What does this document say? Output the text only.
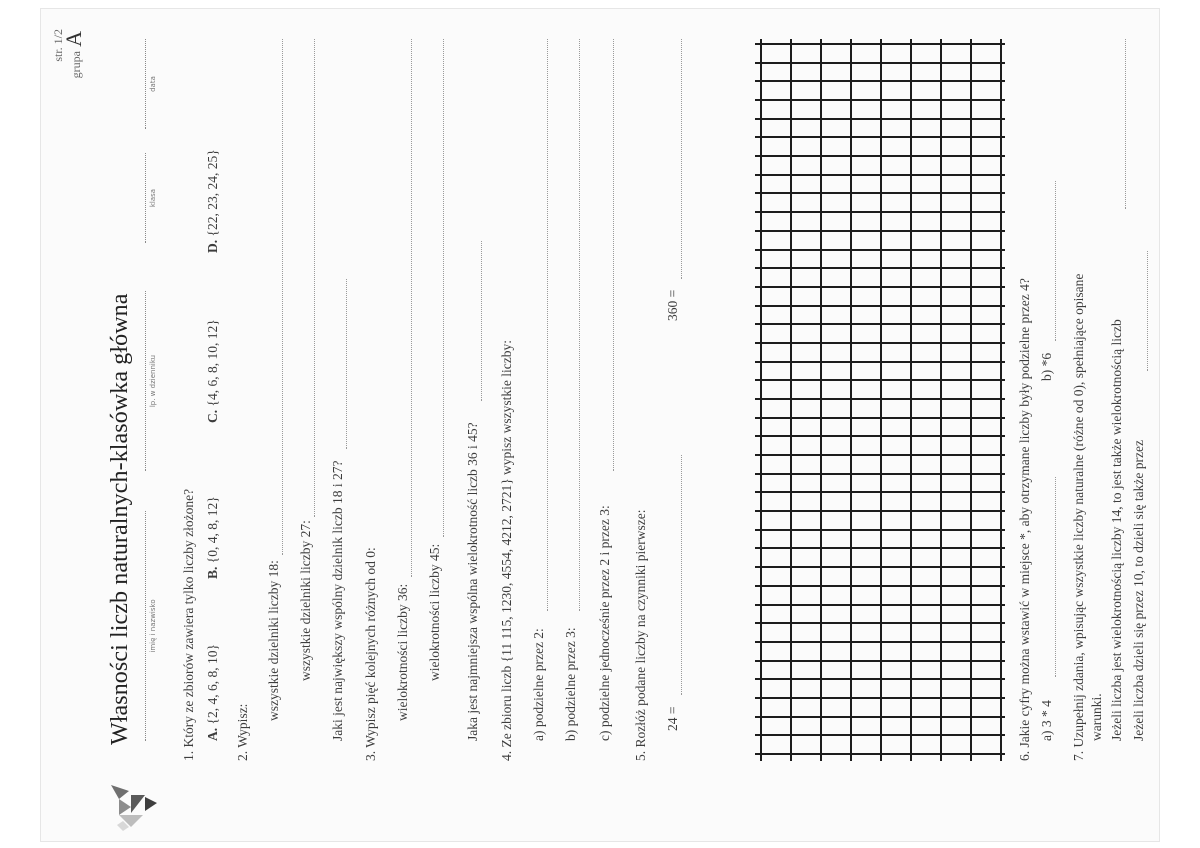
Własności liczb naturalnych-klasówka główna
str. 1/2
grupa
A
imię i nazwisko
lp. w dzienniku
klasa
data
1. Który ze zbiorów zawiera tylko liczby złożone? A. {2, 4, 6, 8, 10}
B. {0, 4, 8, 12}
C. {4, 6, 8, 10, 12}
D. {22, 23, 24, 25}
2. Wypisz:
wszystkie dzielniki liczby 18: wszystkie dzielniki liczby 27: Jaki jest największy wspólny dzielnik liczb 18 i 27? 3. Wypisz pięć kolejnych różnych od 0: wielokrotności liczby 36: wielokrotności liczby 45: Jaka jest najmniejsza wspólna wielokrotność liczb 36 i 45? 4. Ze zbioru liczb {11 115, 1230, 4554, 4212, 2721} wypisz wszystkie liczby: a) podzielne przez 2: b) podzielne przez 3: c) podzielne jednocześnie przez 2 i przez 3: 5. Rozłóż podane liczby na czynniki pierwsze: 24 =
360 =	6. Jakie cyfry można wstawić w miejsce *, aby otrzymane liczby były podzielne przez 4? a) 3 * 4
b) *6 7. Uzupełnij zdania, wpisując wszystkie liczby naturalne (różne od 0), spełniające opisane warunki. Jeżeli liczba jest wielokrotnością liczby 14, to jest także wielokrotnością liczb Jeżeli liczba dzieli się przez 10, to dzieli się także przez
